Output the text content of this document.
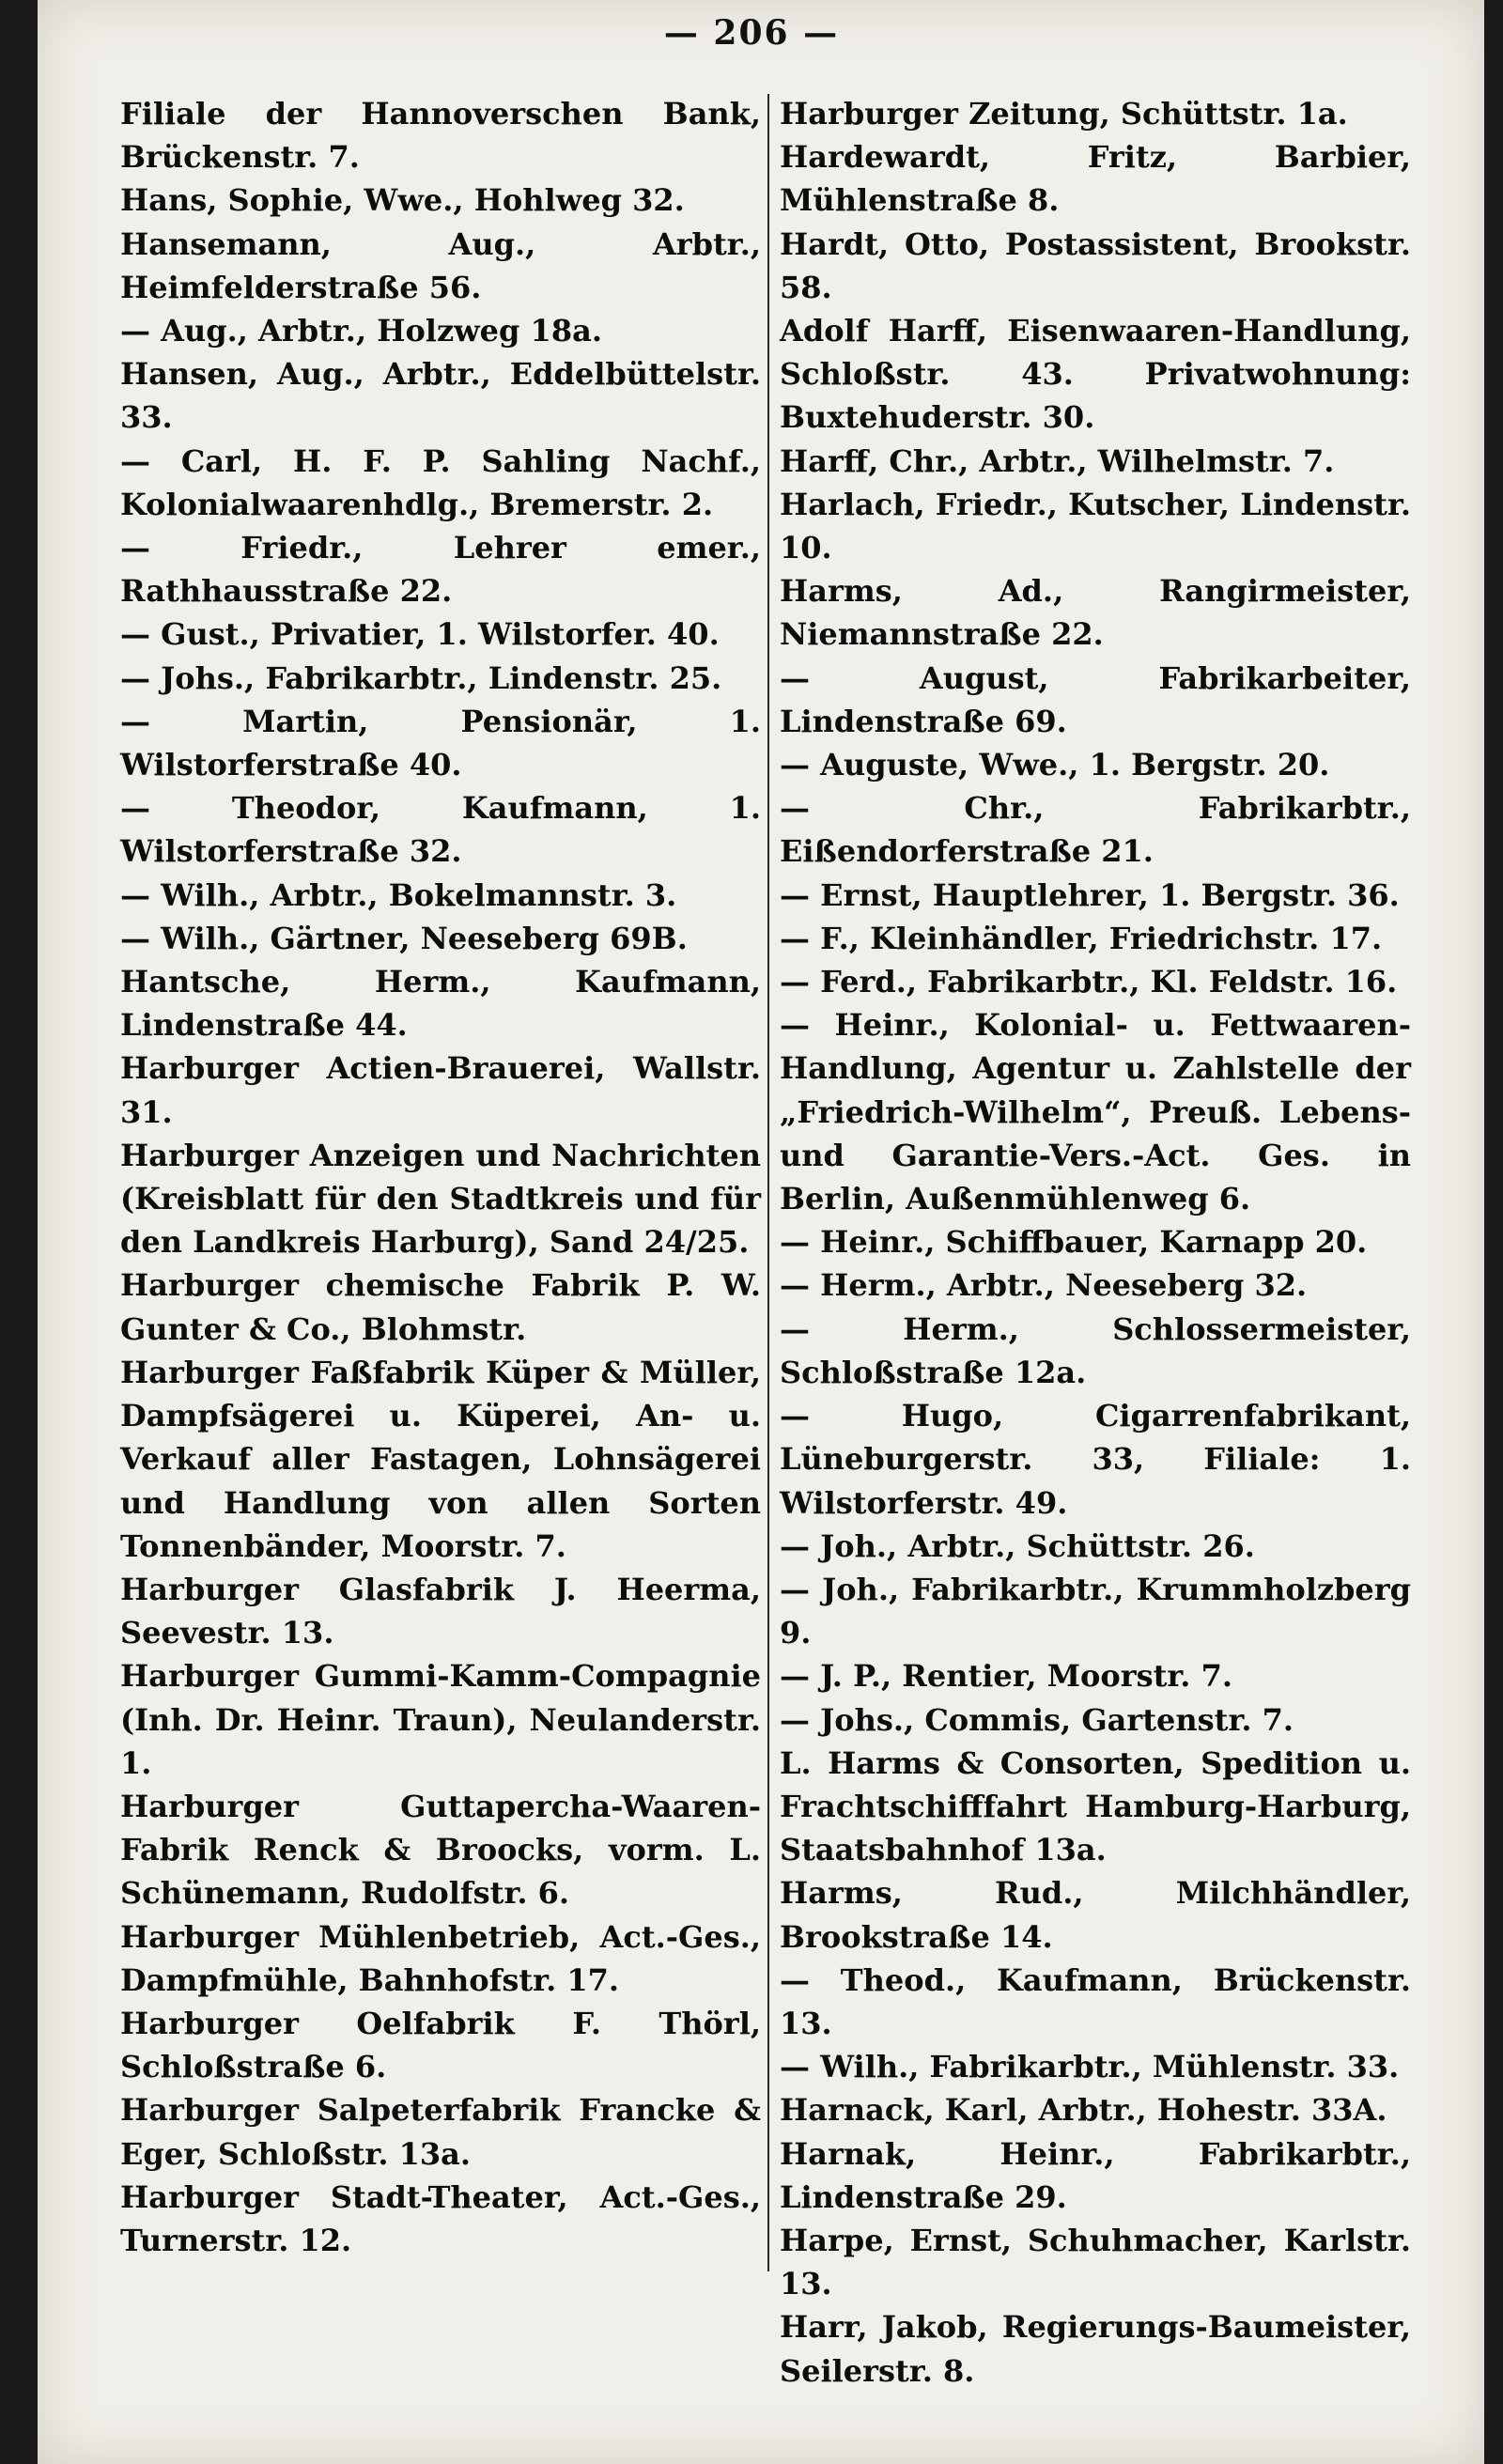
— 206 —

Filiale der Hannoverschen Bank, Brückenstr. 7.

Hans, Sophie, Wwe., Hohlweg 32.

Hansemann, Aug., Arbtr., Heimfelderstraße 56.

— Aug., Arbtr., Holzweg 18a.

Hansen, Aug., Arbtr., Eddelbüttelstr. 33.

— Carl, H. F. P. Sahling Nachf., Kolonialwaarenhdlg., Bremerstr. 2.

— Friedr., Lehrer emer., Rathhausstraße 22.

— Gust., Privatier, 1. Wilstorfer. 40.

— Johs., Fabrikarbtr., Lindenstr. 25.

— Martin, Pensionär, 1. Wilstorferstraße 40.

— Theodor, Kaufmann, 1. Wilstorferstraße 32.

— Wilh., Arbtr., Bokelmannstr. 3.

— Wilh., Gärtner, Neeseberg 69B.

Hantsche, Herm., Kaufmann, Lindenstraße 44.

Harburger Actien-Brauerei, Wallstr. 31.

Harburger Anzeigen und Nachrichten (Kreisblatt für den Stadtkreis und für den Landkreis Harburg), Sand 24/25.

Harburger chemische Fabrik P. W. Gunter & Co., Blohmstr.

Harburger Faßfabrik Küper & Müller, Dampfsägerei u. Küperei, An- u. Verkauf aller Fastagen, Lohnsägerei und Handlung von allen Sorten Tonnenbänder, Moorstr. 7.

Harburger Glasfabrik J. Heerma, Seevestr. 13.

Harburger Gummi-Kamm-Compagnie (Inh. Dr. Heinr. Traun), Neulanderstr. 1.

Harburger Guttapercha-Waaren-Fabrik Renck & Broocks, vorm. L. Schünemann, Rudolfstr. 6.

Harburger Mühlenbetrieb, Act.-Ges., Dampfmühle, Bahnhofstr. 17.

Harburger Oelfabrik F. Thörl, Schloßstraße 6.

Harburger Salpeterfabrik Francke & Eger, Schloßstr. 13a.

Harburger Stadt-Theater, Act.-Ges., Turnerstr. 12.

Harburger Zeitung, Schüttstr. 1a.

Hardewardt, Fritz, Barbier, Mühlenstraße 8.

Hardt, Otto, Postassistent, Brookstr. 58.

Adolf Harff, Eisenwaaren-Handlung, Schloßstr. 43. Privatwohnung: Buxtehuderstr. 30.

Harff, Chr., Arbtr., Wilhelmstr. 7.

Harlach, Friedr., Kutscher, Lindenstr. 10.

Harms, Ad., Rangirmeister, Niemannstraße 22.

— August, Fabrikarbeiter, Lindenstraße 69.

— Auguste, Wwe., 1. Bergstr. 20.

— Chr., Fabrikarbtr., Eißendorferstraße 21.

— Ernst, Hauptlehrer, 1. Bergstr. 36.

— F., Kleinhändler, Friedrichstr. 17.

— Ferd., Fabrikarbtr., Kl. Feldstr. 16.

— Heinr., Kolonial- u. Fettwaaren-Handlung, Agentur u. Zahlstelle der „Friedrich-Wilhelm“, Preuß. Lebens- und Garantie-Vers.-Act. Ges. in Berlin, Außenmühlenweg 6.

— Heinr., Schiffbauer, Karnapp 20.

— Herm., Arbtr., Neeseberg 32.

— Herm., Schlossermeister, Schloßstraße 12a.

— Hugo, Cigarrenfabrikant, Lüneburgerstr. 33, Filiale: 1. Wilstorferstr. 49.

— Joh., Arbtr., Schüttstr. 26.

— Joh., Fabrikarbtr., Krummholzberg 9.

— J. P., Rentier, Moorstr. 7.

— Johs., Commis, Gartenstr. 7.

L. Harms & Consorten, Spedition u. Frachtschifffahrt Hamburg-Harburg, Staatsbahnhof 13a.

Harms, Rud., Milchhändler, Brookstraße 14.

— Theod., Kaufmann, Brückenstr. 13.

— Wilh., Fabrikarbtr., Mühlenstr. 33.

Harnack, Karl, Arbtr., Hohestr. 33A.

Harnak, Heinr., Fabrikarbtr., Lindenstraße 29.

Harpe, Ernst, Schuhmacher, Karlstr. 13.

Harr, Jakob, Regierungs-Baumeister, Seilerstr. 8.
